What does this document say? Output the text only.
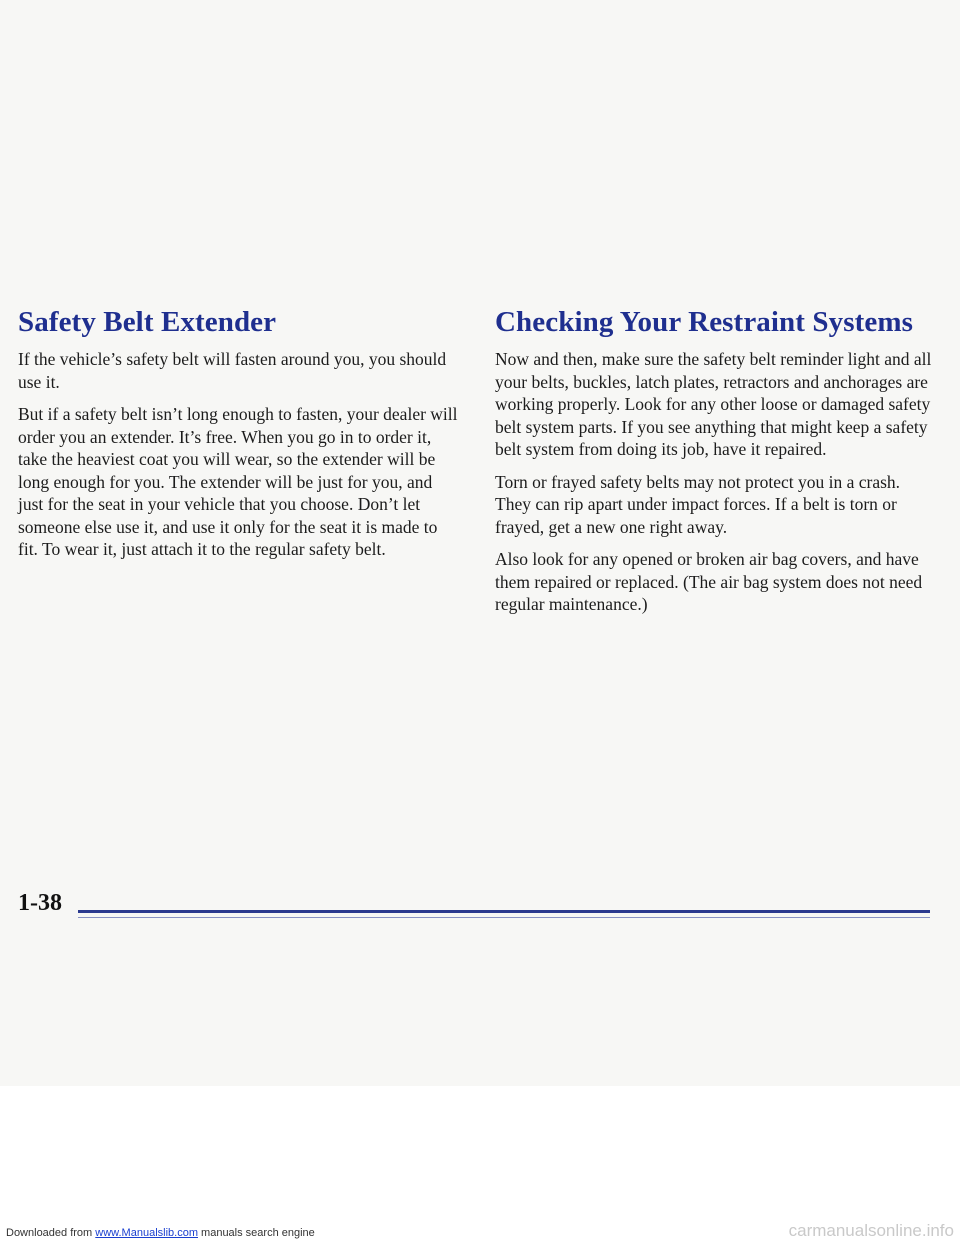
Safety Belt Extender

If the vehicle’s safety belt will fasten around you, you should use it.

But if a safety belt isn’t long enough to fasten, your dealer will order you an extender. It’s free. When you go in to order it, take the heaviest coat you will wear, so the extender will be long enough for you. The extender will be just for you, and just for the seat in your vehicle that you choose. Don’t let someone else use it, and use it only for the seat it is made to fit. To wear it, just attach it to the regular safety belt.

Checking Your Restraint Systems

Now and then, make sure the safety belt reminder light and all your belts, buckles, latch plates, retractors and anchorages are working properly. Look for any other loose or damaged safety belt system parts. If you see anything that might keep a safety belt system from doing its job, have it repaired.

Torn or frayed safety belts may not protect you in a crash. They can rip apart under impact forces. If a belt is torn or frayed, get a new one right away.

Also look for any opened or broken air bag covers, and have them repaired or replaced. (The air bag system does not need regular maintenance.)

1-38
Downloaded from www.Manualslib.com manuals search engine	carmanualsonline.info
